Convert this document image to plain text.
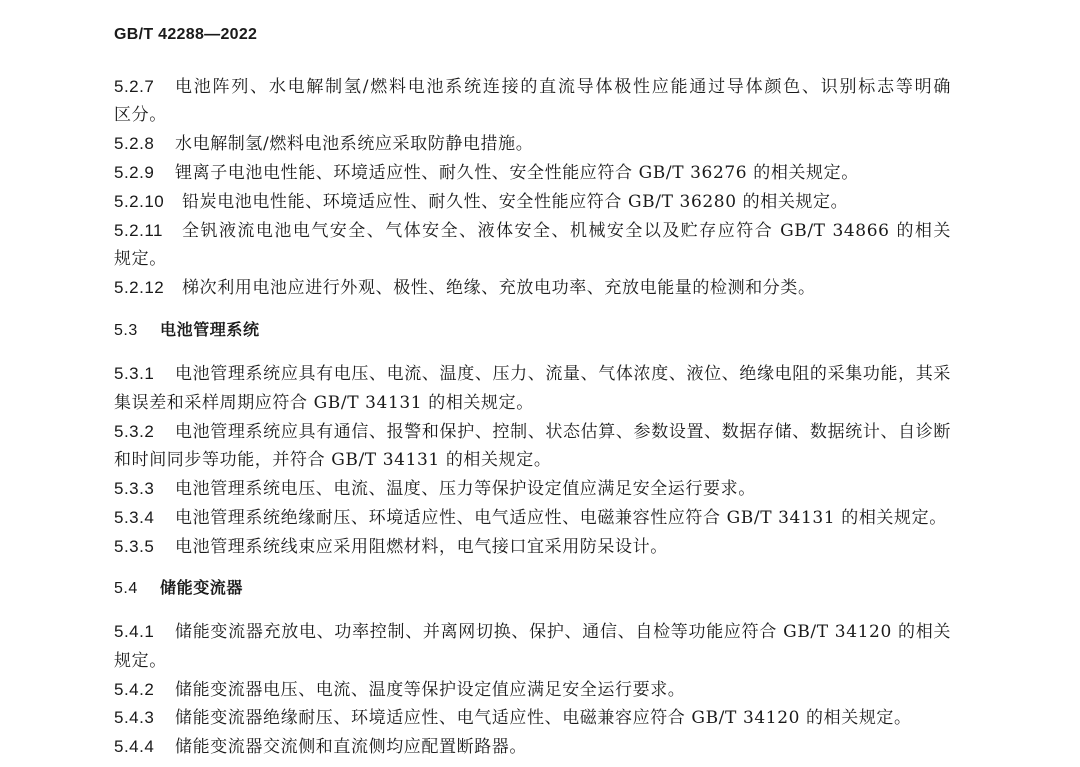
GB/T 42288—2022
5.2.7 电池阵列、水电解制氢/燃料电池系统连接的直流导体极性应能通过导体颜色、识别标志等明确
区分。
5.2.8 水电解制氢/燃料电池系统应采取防静电措施。
5.2.9 锂离子电池电性能、环境适应性、耐久性、安全性能应符合 GB/T 36276 的相关规定。
5.2.10 铅炭电池电性能、环境适应性、耐久性、安全性能应符合 GB/T 36280 的相关规定。
5.2.11 全钒液流电池电气安全、气体安全、液体安全、机械安全以及贮存应符合 GB/T 34866 的相关
规定。
5.2.12 梯次利用电池应进行外观、极性、绝缘、充放电功率、充放电能量的检测和分类。
5.3 电池管理系统
5.3.1 电池管理系统应具有电压、电流、温度、压力、流量、气体浓度、液位、绝缘电阻的采集功能，其采
集误差和采样周期应符合 GB/T 34131 的相关规定。
5.3.2 电池管理系统应具有通信、报警和保护、控制、状态估算、参数设置、数据存储、数据统计、自诊断
和时间同步等功能，并符合 GB/T 34131 的相关规定。
5.3.3 电池管理系统电压、电流、温度、压力等保护设定值应满足安全运行要求。
5.3.4 电池管理系统绝缘耐压、环境适应性、电气适应性、电磁兼容性应符合 GB/T 34131 的相关规定。
5.3.5 电池管理系统线束应采用阻燃材料，电气接口宜采用防呆设计。
5.4 储能变流器
5.4.1 储能变流器充放电、功率控制、并离网切换、保护、通信、自检等功能应符合 GB/T 34120 的相关
规定。
5.4.2 储能变流器电压、电流、温度等保护设定值应满足安全运行要求。
5.4.3 储能变流器绝缘耐压、环境适应性、电气适应性、电磁兼容应符合 GB/T 34120 的相关规定。
5.4.4 储能变流器交流侧和直流侧均应配置断路器。
